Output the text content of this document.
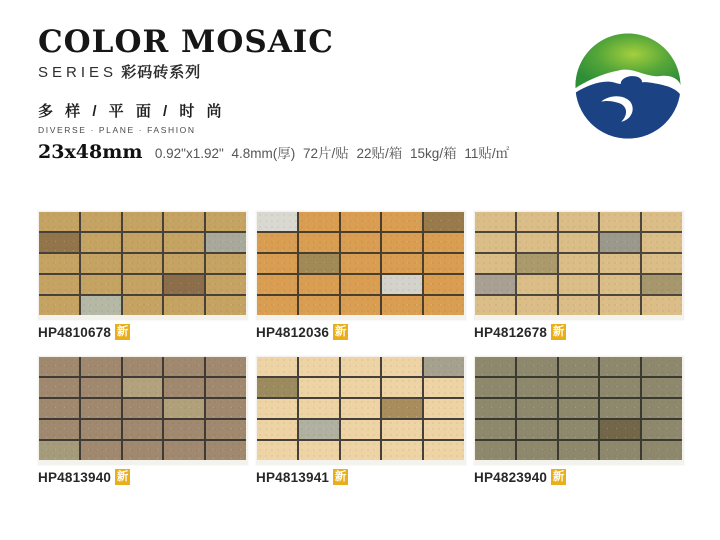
COLOR MOSAIC
SERIES 彩码砖系列
多 样 / 平 面 / 时 尚
DIVERSE · PLANE · FASHION
23x48mm 0.92"x1.92" 4.8mm(厚) 72片/贴 22贴/箱 15kg/箱 11贴/㎡
HP4810678 新	HP4812036 新	HP4812678 新
HP4813940 新	HP4813941 新	HP4823940 新
